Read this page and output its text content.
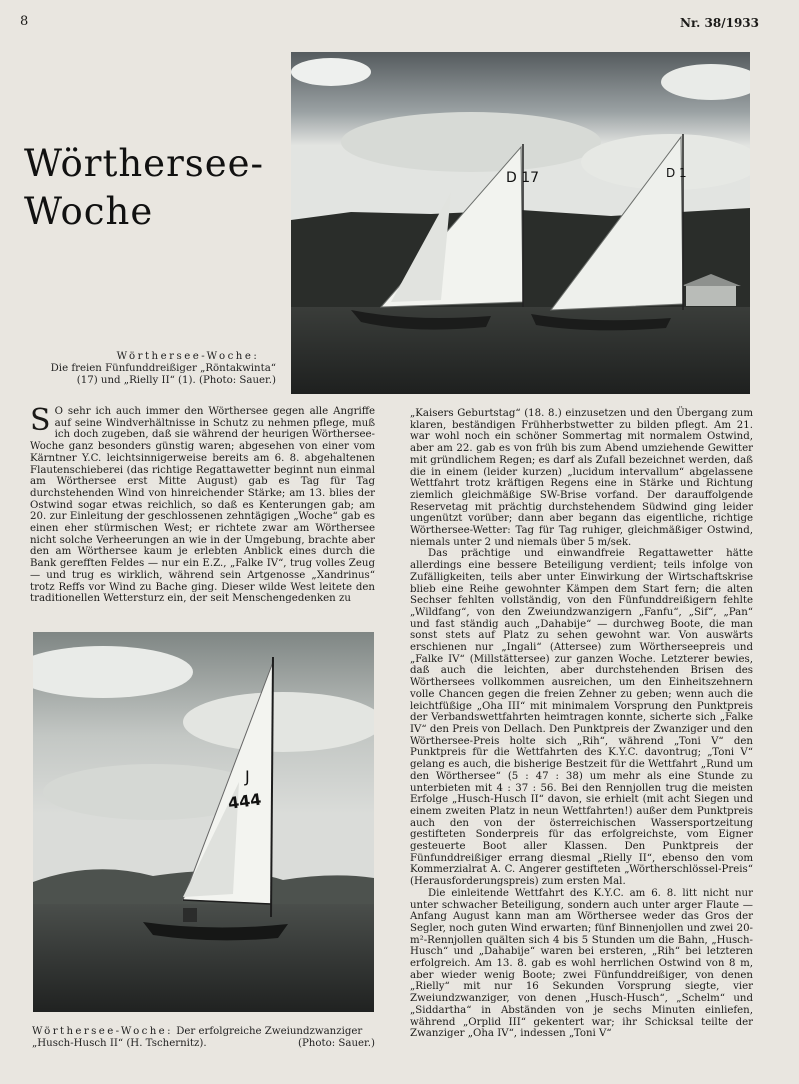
8	Nr. 38/1933
D 17	D 1
Wörthersee-
Woche
Wörthersee-Woche:
Die freien Fünfunddreißiger „Röntakwinta“ (17) und „Rielly II“ (1). (Photo: Sauer.)

S O sehr ich auch immer den Wörthersee gegen alle Angriffe auf seine Windverhältnisse in Schutz zu nehmen pflege, muß ich doch zugeben, daß sie während der heurigen Wörthersee-Woche ganz besonders günstig waren; abgesehen von einer vom Kärntner Y.C. leichtsinnigerweise bereits am 6. 8. abgehaltenen Flautenschieberei (das richtige Regattawetter beginnt nun einmal am Wörthersee erst Mitte August) gab es Tag für Tag durchstehenden Wind von hinreichender Stärke; am 13. blies der Ostwind sogar etwas reichlich, so daß es Kenterungen gab; am 20. zur Einleitung der geschlossenen zehntägigen „Woche“ gab es einen eher stürmischen West; er richtete zwar am Wörthersee nicht solche Verheerungen an wie in der Umgebung, brachte aber den am Wörthersee kaum je erlebten Anblick eines durch die Bank gerefften Feldes — nur ein E.Z., „Falke IV“, trug volles Zeug — und trug es wirklich, während sein Artgenosse „Xandrinus“ trotz Reffs vor Wind zu Bache ging. Dieser wilde West leitete den traditionellen Wettersturz ein, der seit Menschengedenken zu

J
444
Wörthersee-Woche: Der erfolgreiche Zweiundzwanziger „Husch-Husch II“ (H. Tschernitz).	(Photo: Sauer.)

„Kaisers Geburtstag“ (18. 8.) einzusetzen und den Übergang zum klaren, beständigen Frühherbstwetter zu bilden pflegt. Am 21. war wohl noch ein schöner Sommertag mit normalem Ostwind, aber am 22. gab es von früh bis zum Abend umziehende Gewitter mit gründlichem Regen; es darf als Zufall bezeichnet werden, daß die in einem (leider kurzen) „lucidum intervallum“ abgelassene Wettfahrt trotz kräftigen Regens eine in Stärke und Richtung ziemlich gleichmäßige SW-Brise vorfand. Der darauffolgende Reservetag mit prächtig durchstehendem Südwind ging leider ungenützt vorüber; dann aber begann das eigentliche, richtige Wörthersee-Wetter: Tag für Tag ruhiger, gleichmäßiger Ostwind, niemals unter 2 und niemals über 5 m/sek.

Das prächtige und einwandfreie Regattawetter hätte allerdings eine bessere Beteiligung verdient; teils infolge von Zufälligkeiten, teils aber unter Einwirkung der Wirtschaftskrise blieb eine Reihe gewohnter Kämpen dem Start fern; die alten Sechser fehlten vollständig, von den Fünfunddreißigern fehlte „Wildfang“, von den Zweiundzwanzigern „Fanfu“, „Sif“, „Pan“ und fast ständig auch „Dahabije“ — durchweg Boote, die man sonst stets auf Platz zu sehen gewohnt war. Von auswärts erschienen nur „Ingali“ (Attersee) zum Wörtherseepreis und „Falke IV“ (Millstättersee) zur ganzen Woche. Letzterer bewies, daß auch die leichten, aber durchstehenden Brisen des Wörthersees vollkommen ausreichen, um den Einheitszehnern volle Chancen gegen die freien Zehner zu geben; wenn auch die leichtfüßige „Oha III“ mit minimalem Vorsprung den Punktpreis der Verbandswettfahrten heimtragen konnte, sicherte sich „Falke IV“ den Preis von Dellach. Den Punktpreis der Zwanziger und den Wörthersee-Preis holte sich „Rih“, während „Toni V“ den Punktpreis für die Wettfahrten des K.Y.C. davontrug; „Toni V“ gelang es auch, die bisherige Bestzeit für die Wettfahrt „Rund um den Wörthersee“ (5 : 47 : 38) um mehr als eine Stunde zu unterbieten mit 4 : 37 : 56. Bei den Rennjollen trug die meisten Erfolge „Husch-Husch II“ davon, sie erhielt (mit acht Siegen und einem zweiten Platz in neun Wettfahrten!) außer dem Punktpreis auch den von der österreichischen Wassersportzeitung gestifteten Sonderpreis für das erfolgreichste, vom Eigner gesteuerte Boot aller Klassen. Den Punktpreis der Fünfunddreißiger errang diesmal „Rielly II“, ebenso den vom Kommerzialrat A. C. Angerer gestifteten „Wörtherschlössel-Preis“ (Herausforderungspreis) zum ersten Mal.

Die einleitende Wettfahrt des K.Y.C. am 6. 8. litt nicht nur unter schwacher Beteiligung, sondern auch unter arger Flaute — Anfang August kann man am Wörthersee weder das Gros der Segler, noch guten Wind erwarten; fünf Binnenjollen und zwei 20-m²-Rennjollen quälten sich 4 bis 5 Stunden um die Bahn, „Husch-Husch“ und „Dahabije“ waren bei ersteren, „Rih“ bei letzteren erfolgreich. Am 13. 8. gab es wohl herrlichen Ostwind von 8 m, aber wieder wenig Boote; zwei Fünfunddreißiger, von denen „Rielly“ mit nur 16 Sekunden Vorsprung siegte, vier Zweiundzwanziger, von denen „Husch-Husch“, „Schelm“ und „Siddartha“ in Abständen von je sechs Minuten einliefen, während „Orplid III“ gekentert war; ihr Schicksal teilte der Zwanziger „Oha IV“, indessen „Toni V“
